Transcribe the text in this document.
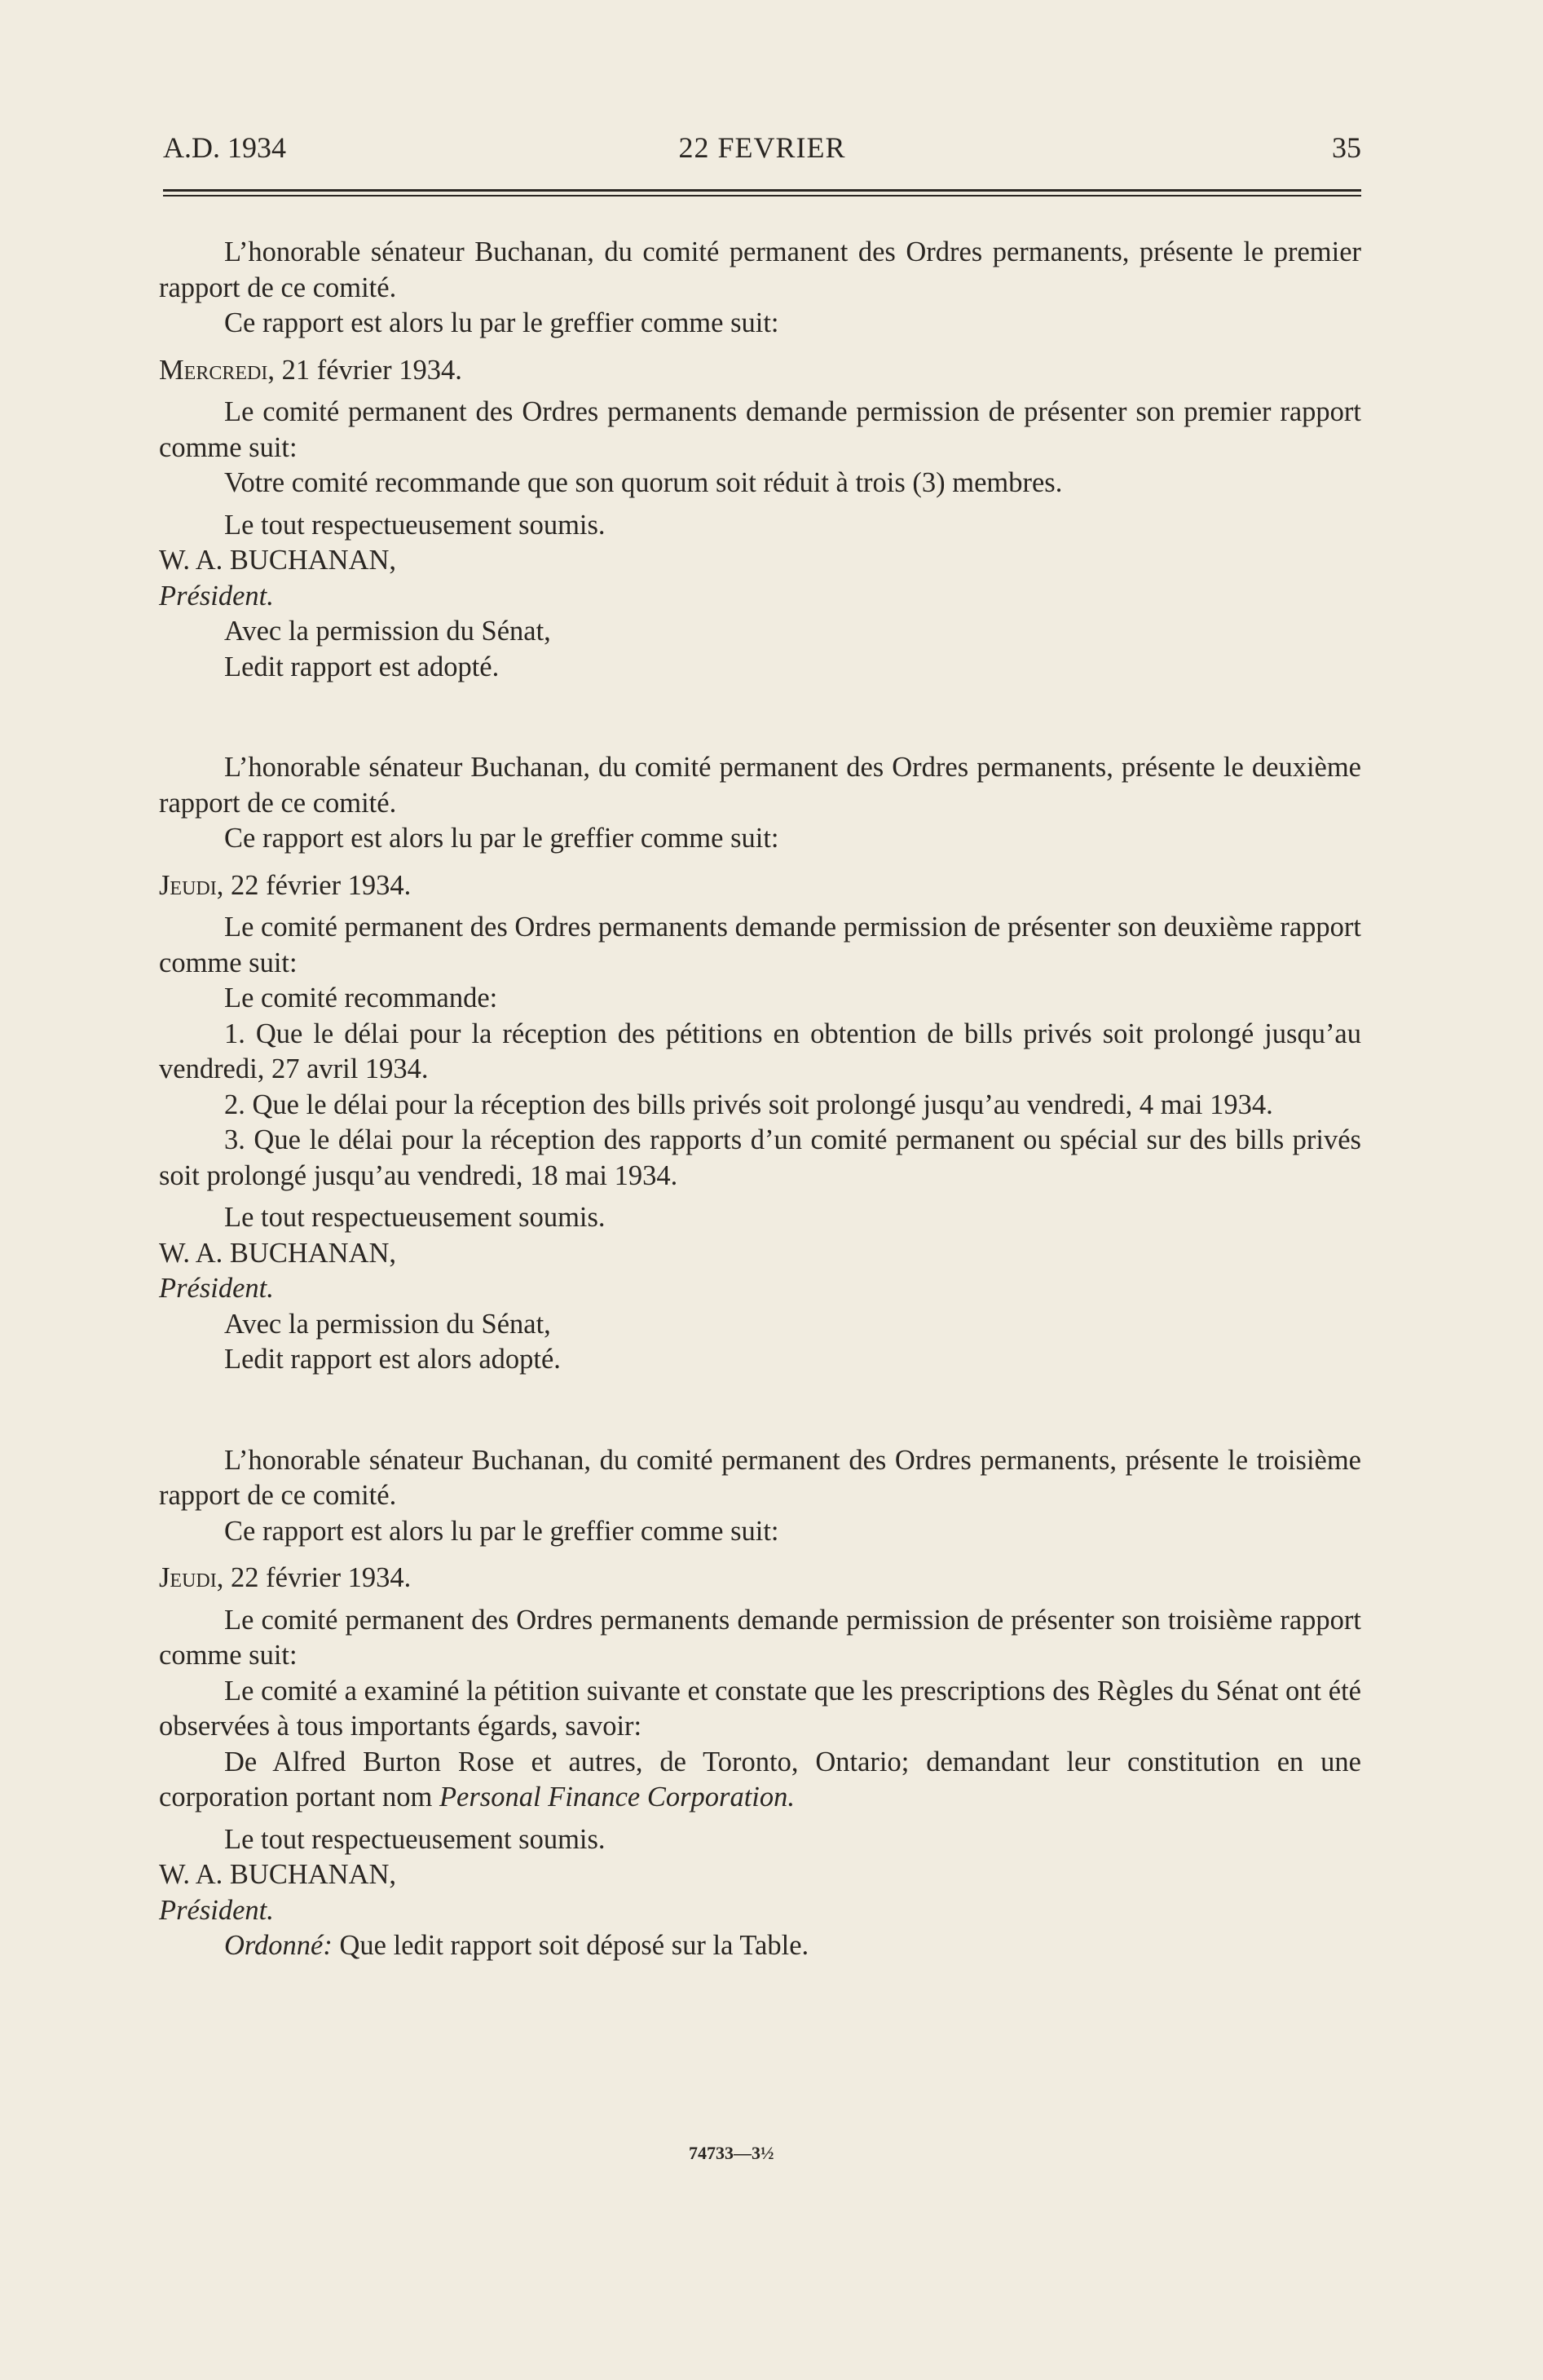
A.D. 1934	22 FEVRIER	35

L’honorable sénateur Buchanan, du comité permanent des Ordres permanents, présente le premier rapport de ce comité.

Ce rapport est alors lu par le greffier comme suit:

Mercredi, 21 février 1934.

Le comité permanent des Ordres permanents demande permission de présenter son premier rapport comme suit:

Votre comité recommande que son quorum soit réduit à trois (3) membres.

Le tout respectueusement soumis.

W. A. BUCHANAN,

Président.

Avec la permission du Sénat,

Ledit rapport est adopté.

L’honorable sénateur Buchanan, du comité permanent des Ordres permanents, présente le deuxième rapport de ce comité.

Ce rapport est alors lu par le greffier comme suit:

Jeudi, 22 février 1934.

Le comité permanent des Ordres permanents demande permission de présenter son deuxième rapport comme suit:

Le comité recommande:

1. Que le délai pour la réception des pétitions en obtention de bills privés soit prolongé jusqu’au vendredi, 27 avril 1934.

2. Que le délai pour la réception des bills privés soit prolongé jusqu’au vendredi, 4 mai 1934.

3. Que le délai pour la réception des rapports d’un comité permanent ou spécial sur des bills privés soit prolongé jusqu’au vendredi, 18 mai 1934.

Le tout respectueusement soumis.

W. A. BUCHANAN,

Président.

Avec la permission du Sénat,

Ledit rapport est alors adopté.

L’honorable sénateur Buchanan, du comité permanent des Ordres permanents, présente le troisième rapport de ce comité.

Ce rapport est alors lu par le greffier comme suit:

Jeudi, 22 février 1934.

Le comité permanent des Ordres permanents demande permission de présenter son troisième rapport comme suit:

Le comité a examiné la pétition suivante et constate que les prescriptions des Règles du Sénat ont été observées à tous importants égards, savoir:

De Alfred Burton Rose et autres, de Toronto, Ontario; demandant leur constitution en une corporation portant nom Personal Finance Corporation.

Le tout respectueusement soumis.

W. A. BUCHANAN,

Président.

Ordonné: Que ledit rapport soit déposé sur la Table.

74733—3½
